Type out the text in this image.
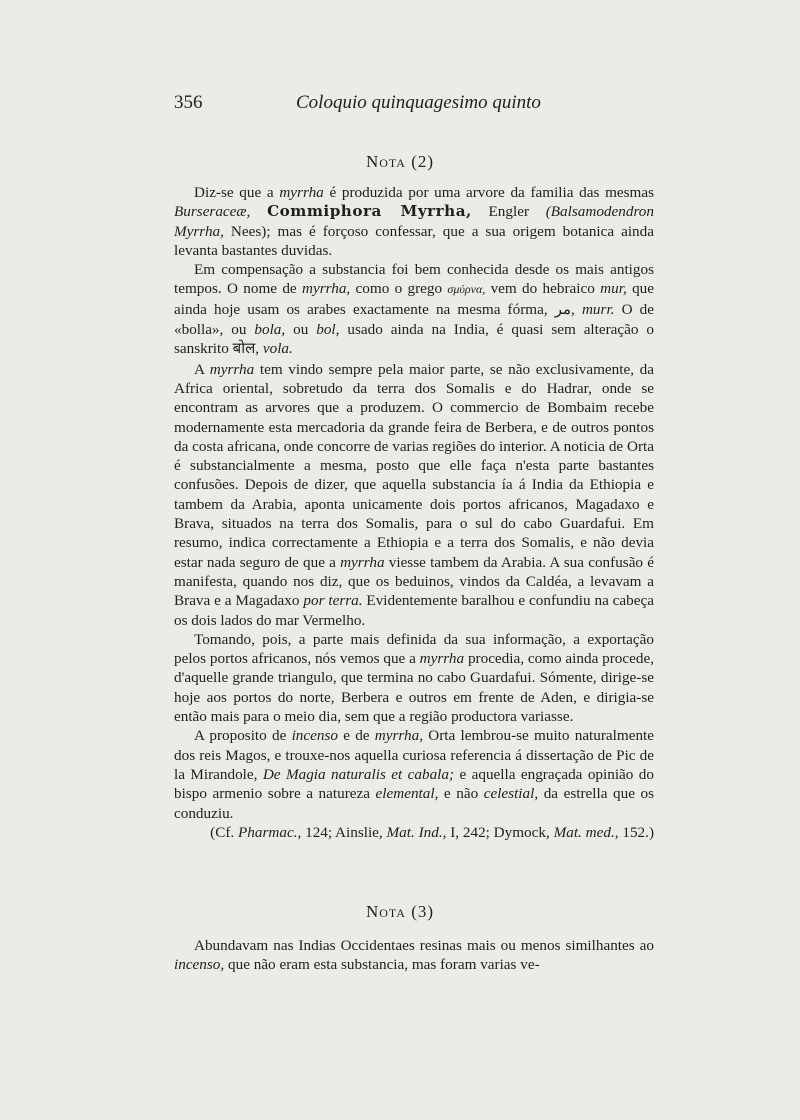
356	Coloquio quinquagesimo quinto
Nota (2)

Diz-se que a myrrha é produzida por uma arvore da familia das mesmas Burseraceæ, Commiphora Myrrha, Engler (Balsamodendron Myrrha, Nees); mas é forçoso confessar, que a sua origem botanica ainda levanta bastantes duvidas.

Em compensação a substancia foi bem conhecida desde os mais antigos tempos. O nome de myrrha, como o grego σμύρνα, vem do hebraico mur, que ainda hoje usam os arabes exactamente na mesma fórma, مر, murr. O de «bolla», ou bola, ou bol, usado ainda na India, é quasi sem alteração o sanskrito बोल, vola.

A myrrha tem vindo sempre pela maior parte, se não exclusivamente, da Africa oriental, sobretudo da terra dos Somalis e do Hadrar, onde se encontram as arvores que a produzem. O commercio de Bombaim recebe modernamente esta mercadoria da grande feira de Berbera, e de outros pontos da costa africana, onde concorre de varias regiões do interior. A noticia de Orta é substancialmente a mesma, posto que elle faça n'esta parte bastantes confusões. Depois de dizer, que aquella substancia ía á India da Ethiopia e tambem da Arabia, aponta unicamente dois portos africanos, Magadaxo e Brava, situados na terra dos Somalis, para o sul do cabo Guardafui. Em resumo, indica correctamente a Ethiopia e a terra dos Somalis, e não devia estar nada seguro de que a myrrha viesse tambem da Arabia. A sua confusão é manifesta, quando nos diz, que os beduinos, vindos da Caldéa, a levavam a Brava e a Magadaxo por terra. Evidentemente baralhou e confundiu na cabeça os dois lados do mar Vermelho.

Tomando, pois, a parte mais definida da sua informação, a exportação pelos portos africanos, nós vemos que a myrrha procedia, como ainda procede, d'aquelle grande triangulo, que termina no cabo Guardafui. Sómente, dirige-se hoje aos portos do norte, Berbera e outros em frente de Aden, e dirigia-se então mais para o meio dia, sem que a região productora variasse.

A proposito de incenso e de myrrha, Orta lembrou-se muito naturalmente dos reis Magos, e trouxe-nos aquella curiosa referencia á dissertação de Pic de la Mirandole, De Magia naturalis et cabala; e aquella engraçada opinião do bispo armenio sobre a natureza elemental, e não celestial, da estrella que os conduziu.

(Cf. Pharmac., 124; Ainslie, Mat. Ind., I, 242; Dymock, Mat. med., 152.)

Nota (3)

Abundavam nas Indias Occidentaes resinas mais ou menos similhantes ao incenso, que não eram esta substancia, mas foram varias ve-
